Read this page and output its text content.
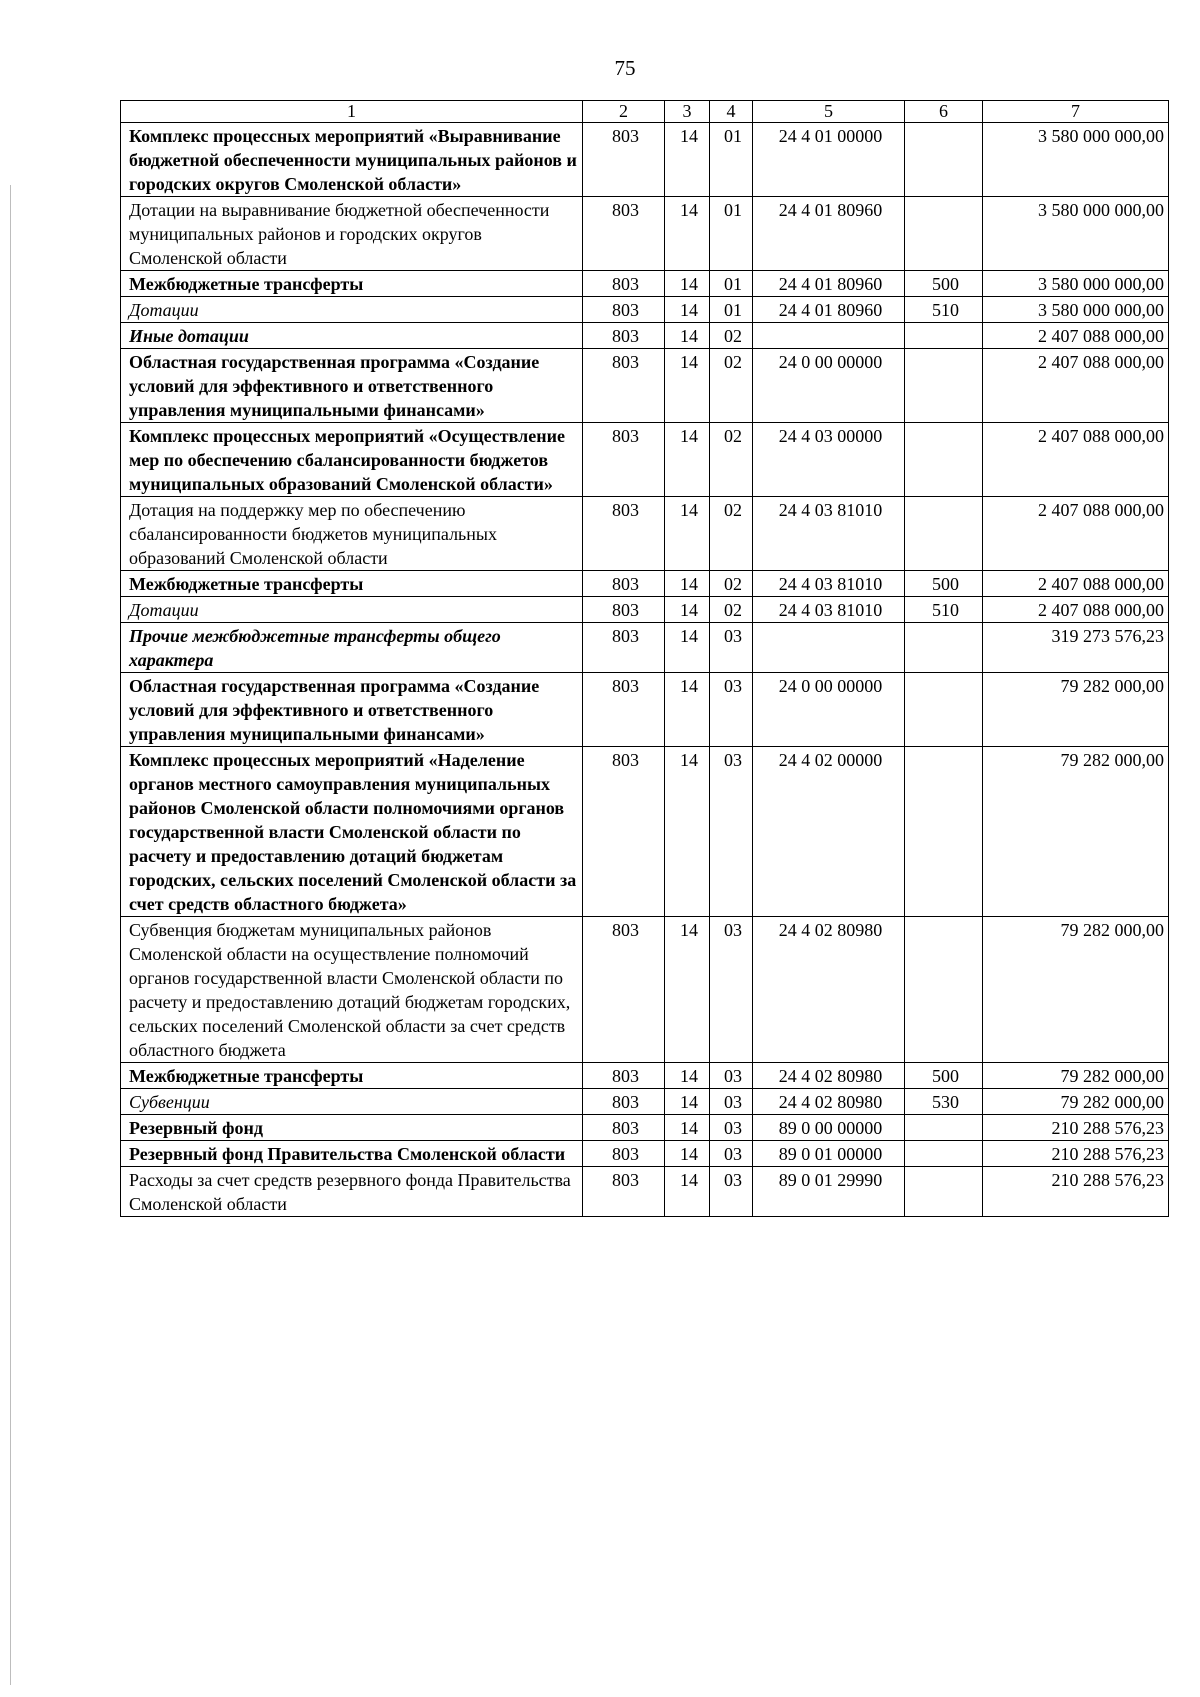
75
1	2	3	4	5	6	7
Комплекс процессных мероприятий «Выравнивание бюджетной обеспеченности муниципальных районов и городских округов Смоленской области»	803	14	01	24 4 01 00000		3 580 000 000,00
Дотации на выравнивание бюджетной обеспеченности муниципальных районов и городских округов Смоленской области	803	14	01	24 4 01 80960		3 580 000 000,00
Межбюджетные трансферты	803	14	01	24 4 01 80960	500	3 580 000 000,00
Дотации	803	14	01	24 4 01 80960	510	3 580 000 000,00
Иные дотации	803	14	02			2 407 088 000,00
Областная государственная программа «Создание условий для эффективного и ответственного управления муниципальными финансами»	803	14	02	24 0 00 00000		2 407 088 000,00
Комплекс процессных мероприятий «Осуществление мер по обеспечению сбалансированности бюджетов муниципальных образований Смоленской области»	803	14	02	24 4 03 00000		2 407 088 000,00
Дотация на поддержку мер по обеспечению сбалансированности бюджетов муниципальных образований Смоленской области	803	14	02	24 4 03 81010		2 407 088 000,00
Межбюджетные трансферты	803	14	02	24 4 03 81010	500	2 407 088 000,00
Дотации	803	14	02	24 4 03 81010	510	2 407 088 000,00
Прочие межбюджетные трансферты общего характера	803	14	03			319 273 576,23
Областная государственная программа «Создание условий для эффективного и ответственного управления муниципальными финансами»	803	14	03	24 0 00 00000		79 282 000,00
Комплекс процессных мероприятий «Наделение органов местного самоуправления муниципальных районов Смоленской области полномочиями органов государственной власти Смоленской области по расчету и предоставлению дотаций бюджетам городских, сельских поселений Смоленской области за счет средств областного бюджета»	803	14	03	24 4 02 00000		79 282 000,00
Субвенция бюджетам муниципальных районов Смоленской области на осуществление полномочий органов государственной власти Смоленской области по расчету и предоставлению дотаций бюджетам городских, сельских поселений Смоленской области за счет средств областного бюджета	803	14	03	24 4 02 80980		79 282 000,00
Межбюджетные трансферты	803	14	03	24 4 02 80980	500	79 282 000,00
Субвенции	803	14	03	24 4 02 80980	530	79 282 000,00
Резервный фонд	803	14	03	89 0 00 00000		210 288 576,23
Резервный фонд Правительства Смоленской области	803	14	03	89 0 01 00000		210 288 576,23
Расходы за счет средств резервного фонда Правительства Смоленской области	803	14	03	89 0 01 29990		210 288 576,23
